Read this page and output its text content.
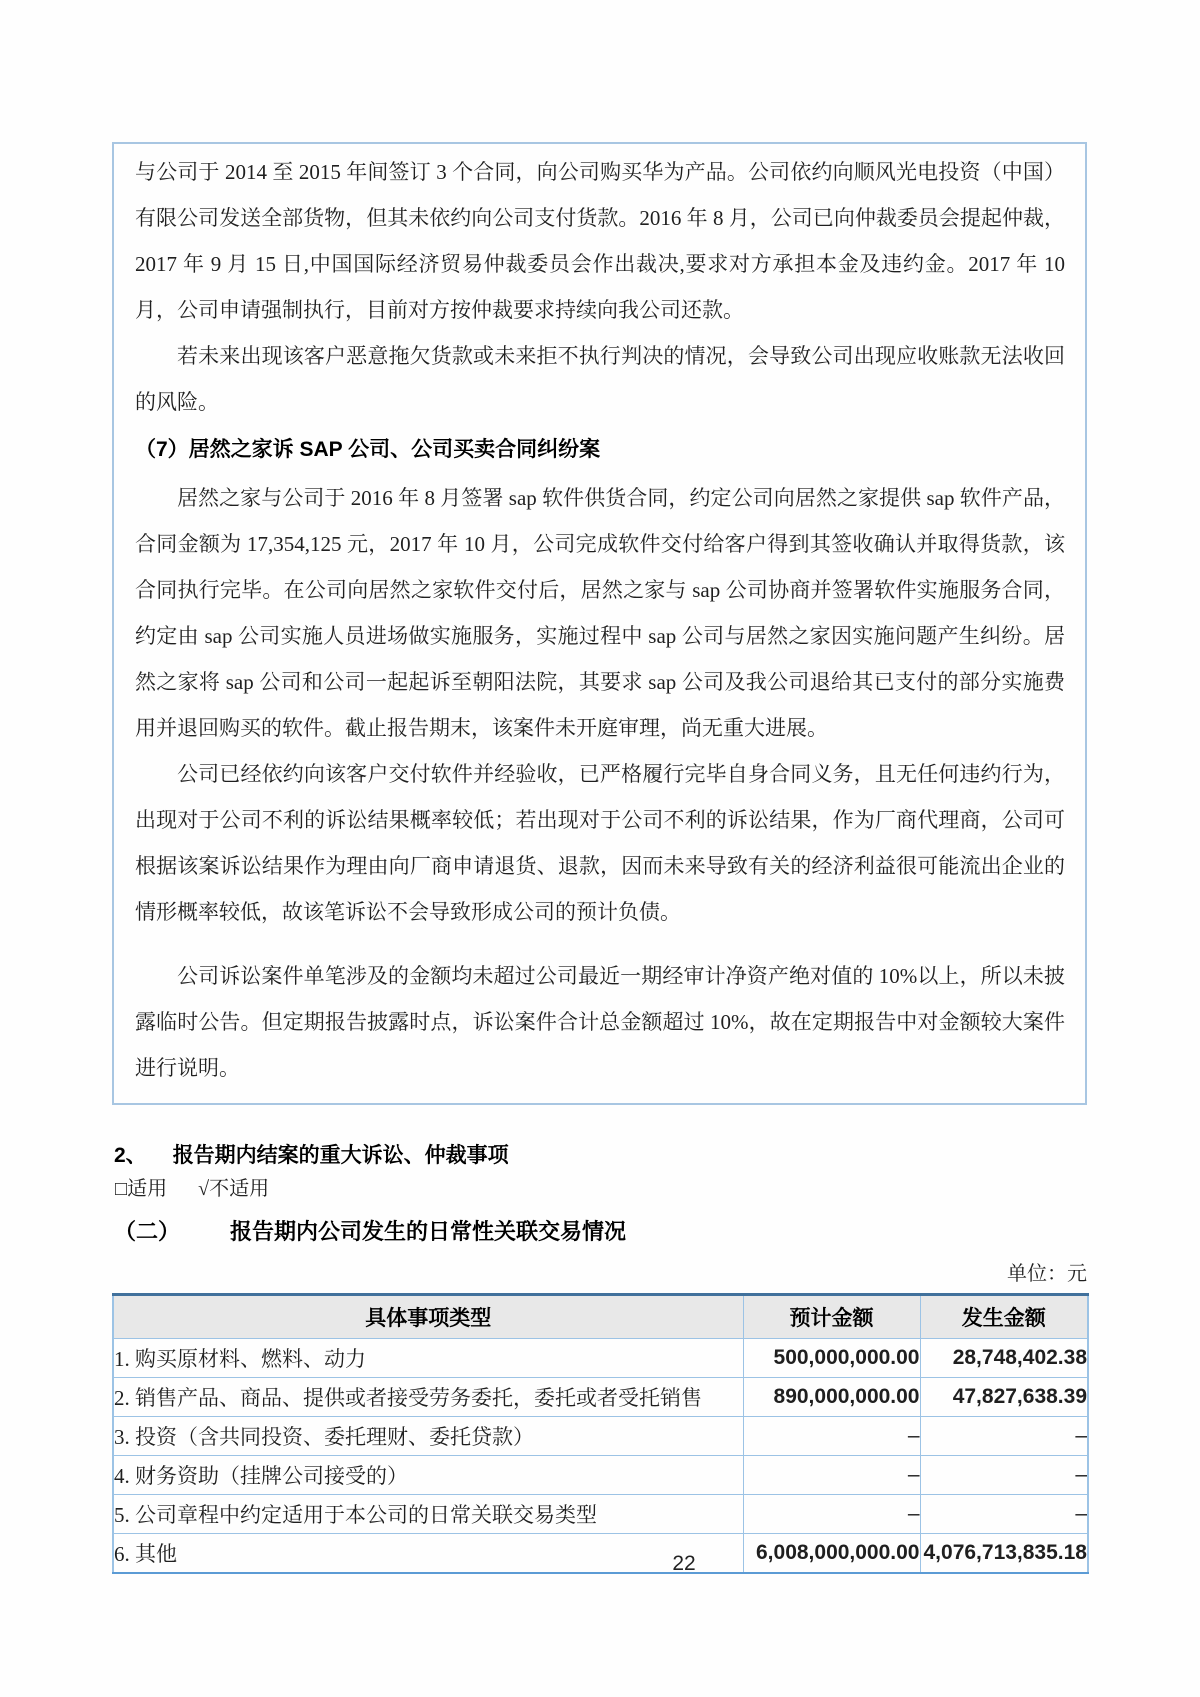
与公司于 2014 至 2015 年间签订 3 个合同，向公司购买华为产品。公司依约向顺风光电投资（中国）有限公司发送全部货物，但其未依约向公司支付货款。2016 年 8 月，公司已向仲裁委员会提起仲裁，2017 年 9 月 15 日,中国国际经济贸易仲裁委员会作出裁决,要求对方承担本金及违约金。2017 年 10 月，公司申请强制执行，目前对方按仲裁要求持续向我公司还款。

若未来出现该客户恶意拖欠货款或未来拒不执行判决的情况，会导致公司出现应收账款无法收回的风险。

（7）居然之家诉 SAP 公司、公司买卖合同纠纷案

居然之家与公司于 2016 年 8 月签署 sap 软件供货合同，约定公司向居然之家提供 sap 软件产品，合同金额为 17,354,125 元，2017 年 10 月，公司完成软件交付给客户得到其签收确认并取得货款，该合同执行完毕。在公司向居然之家软件交付后，居然之家与 sap 公司协商并签署软件实施服务合同，约定由 sap 公司实施人员进场做实施服务，实施过程中 sap 公司与居然之家因实施问题产生纠纷。居然之家将 sap 公司和公司一起起诉至朝阳法院，其要求 sap 公司及我公司退给其已支付的部分实施费用并退回购买的软件。截止报告期末，该案件未开庭审理，尚无重大进展。

公司已经依约向该客户交付软件并经验收，已严格履行完毕自身合同义务，且无任何违约行为，出现对于公司不利的诉讼结果概率较低；若出现对于公司不利的诉讼结果，作为厂商代理商，公司可根据该案诉讼结果作为理由向厂商申请退货、退款，因而未来导致有关的经济利益很可能流出企业的情形概率较低，故该笔诉讼不会导致形成公司的预计负债。

公司诉讼案件单笔涉及的金额均未超过公司最近一期经审计净资产绝对值的 10%以上，所以未披露临时公告。但定期报告披露时点，诉讼案件合计总金额超过 10%，故在定期报告中对金额较大案件进行说明。

2、 报告期内结案的重大诉讼、仲裁事项
□适用 √不适用
（二） 报告期内公司发生的日常性关联交易情况
单位：元
具体事项类型	预计金额	发生金额
1. 购买原材料、燃料、动力	500,000,000.00	28,748,402.38
2. 销售产品、商品、提供或者接受劳务委托，委托或者受托销售	890,000,000.00	47,827,638.39
3. 投资（含共同投资、委托理财、委托贷款）	–	–
4. 财务资助（挂牌公司接受的）	–	–
5. 公司章程中约定适用于本公司的日常关联交易类型	–	–
6. 其他	6,008,000,000.00	4,076,713,835.18
22
